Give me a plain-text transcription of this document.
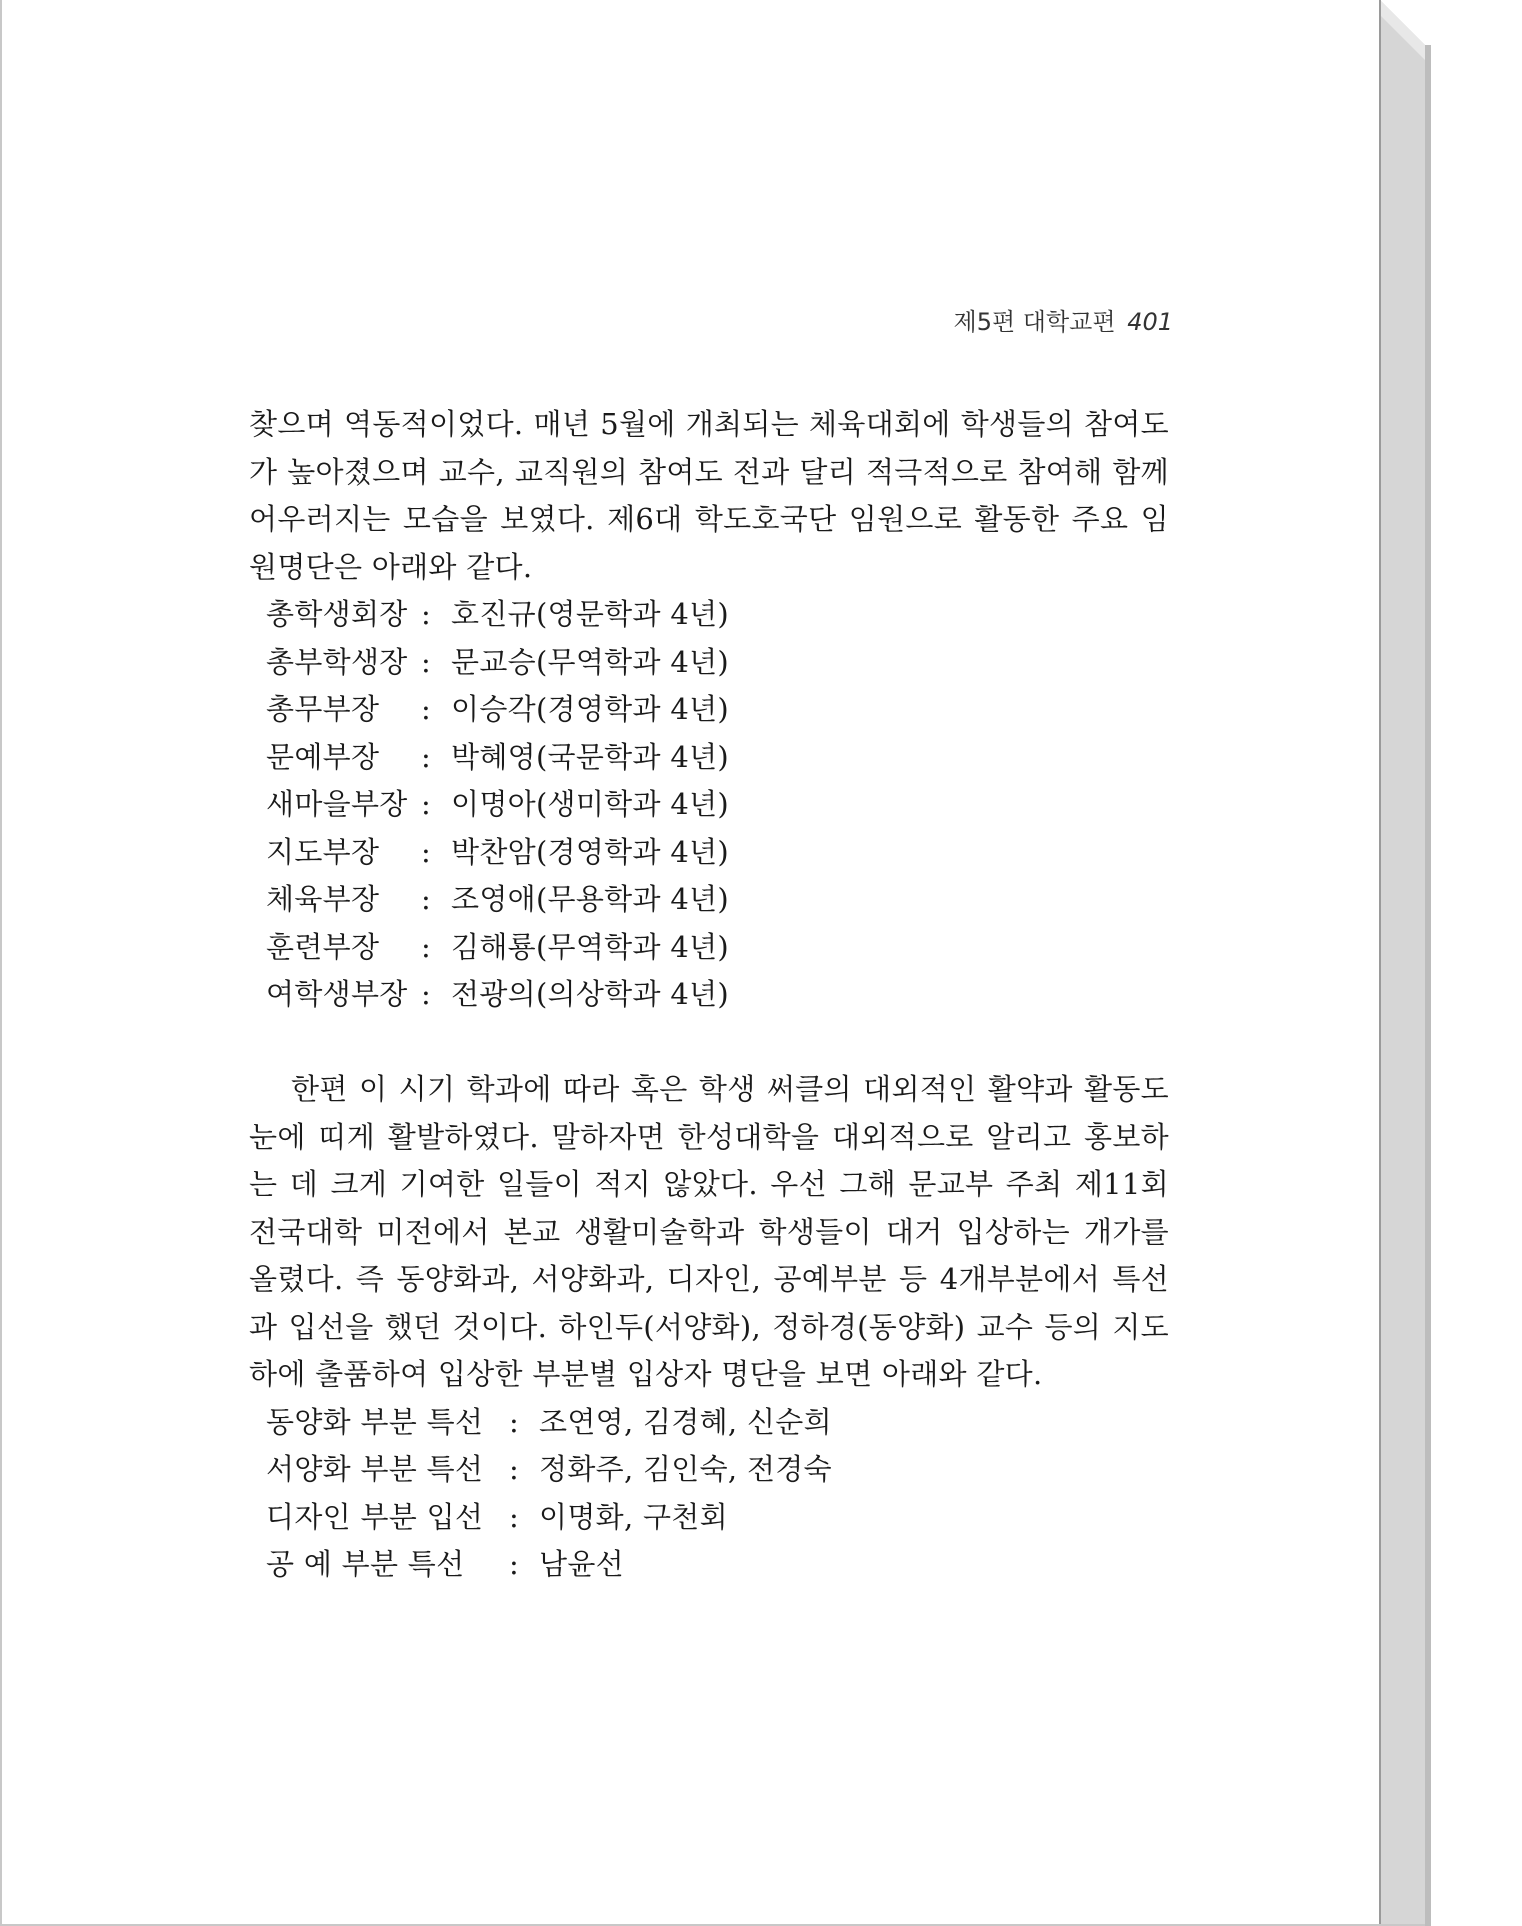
제5편 대학교편 401

찾으며 역동적이었다. 매년 5월에 개최되는 체육대회에 학생들의 참여도가 높아졌으며 교수, 교직원의 참여도 전과 달리 적극적으로 참여해 함께 어우러지는 모습을 보였다. 제6대 학도호국단 임원으로 활동한 주요 임원명단은 아래와 같다.

총학생회장 : 호진규(영문학과 4년)
총부학생장 : 문교승(무역학과 4년)
총무부장	: 이승각(경영학과 4년)
문예부장	: 박혜영(국문학과 4년)
새마을부장 : 이명아(생미학과 4년)
지도부장	: 박찬암(경영학과 4년)
체육부장	: 조영애(무용학과 4년)
훈련부장	: 김해룡(무역학과 4년)
여학생부장 : 전광의(의상학과 4년)

한편 이 시기 학과에 따라 혹은 학생 써클의 대외적인 활약과 활동도 눈에 띠게 활발하였다. 말하자면 한성대학을 대외적으로 알리고 홍보하는 데 크게 기여한 일들이 적지 않았다. 우선 그해 문교부 주최 제11회 전국대학 미전에서 본교 생활미술학과 학생들이 대거 입상하는 개가를 올렸다. 즉 동양화과, 서양화과, 디자인, 공예부분 등 4개부분에서 특선과 입선을 했던 것이다. 하인두(서양화), 정하경(동양화) 교수 등의 지도하에 출품하여 입상한 부분별 입상자 명단을 보면 아래와 같다.

동양화 부분 특선 : 조연영, 김경혜, 신순희
서양화 부분 특선 : 정화주, 김인숙, 전경숙
디자인 부분 입선 : 이명화, 구천회
공 예 부분 특선	: 남윤선
